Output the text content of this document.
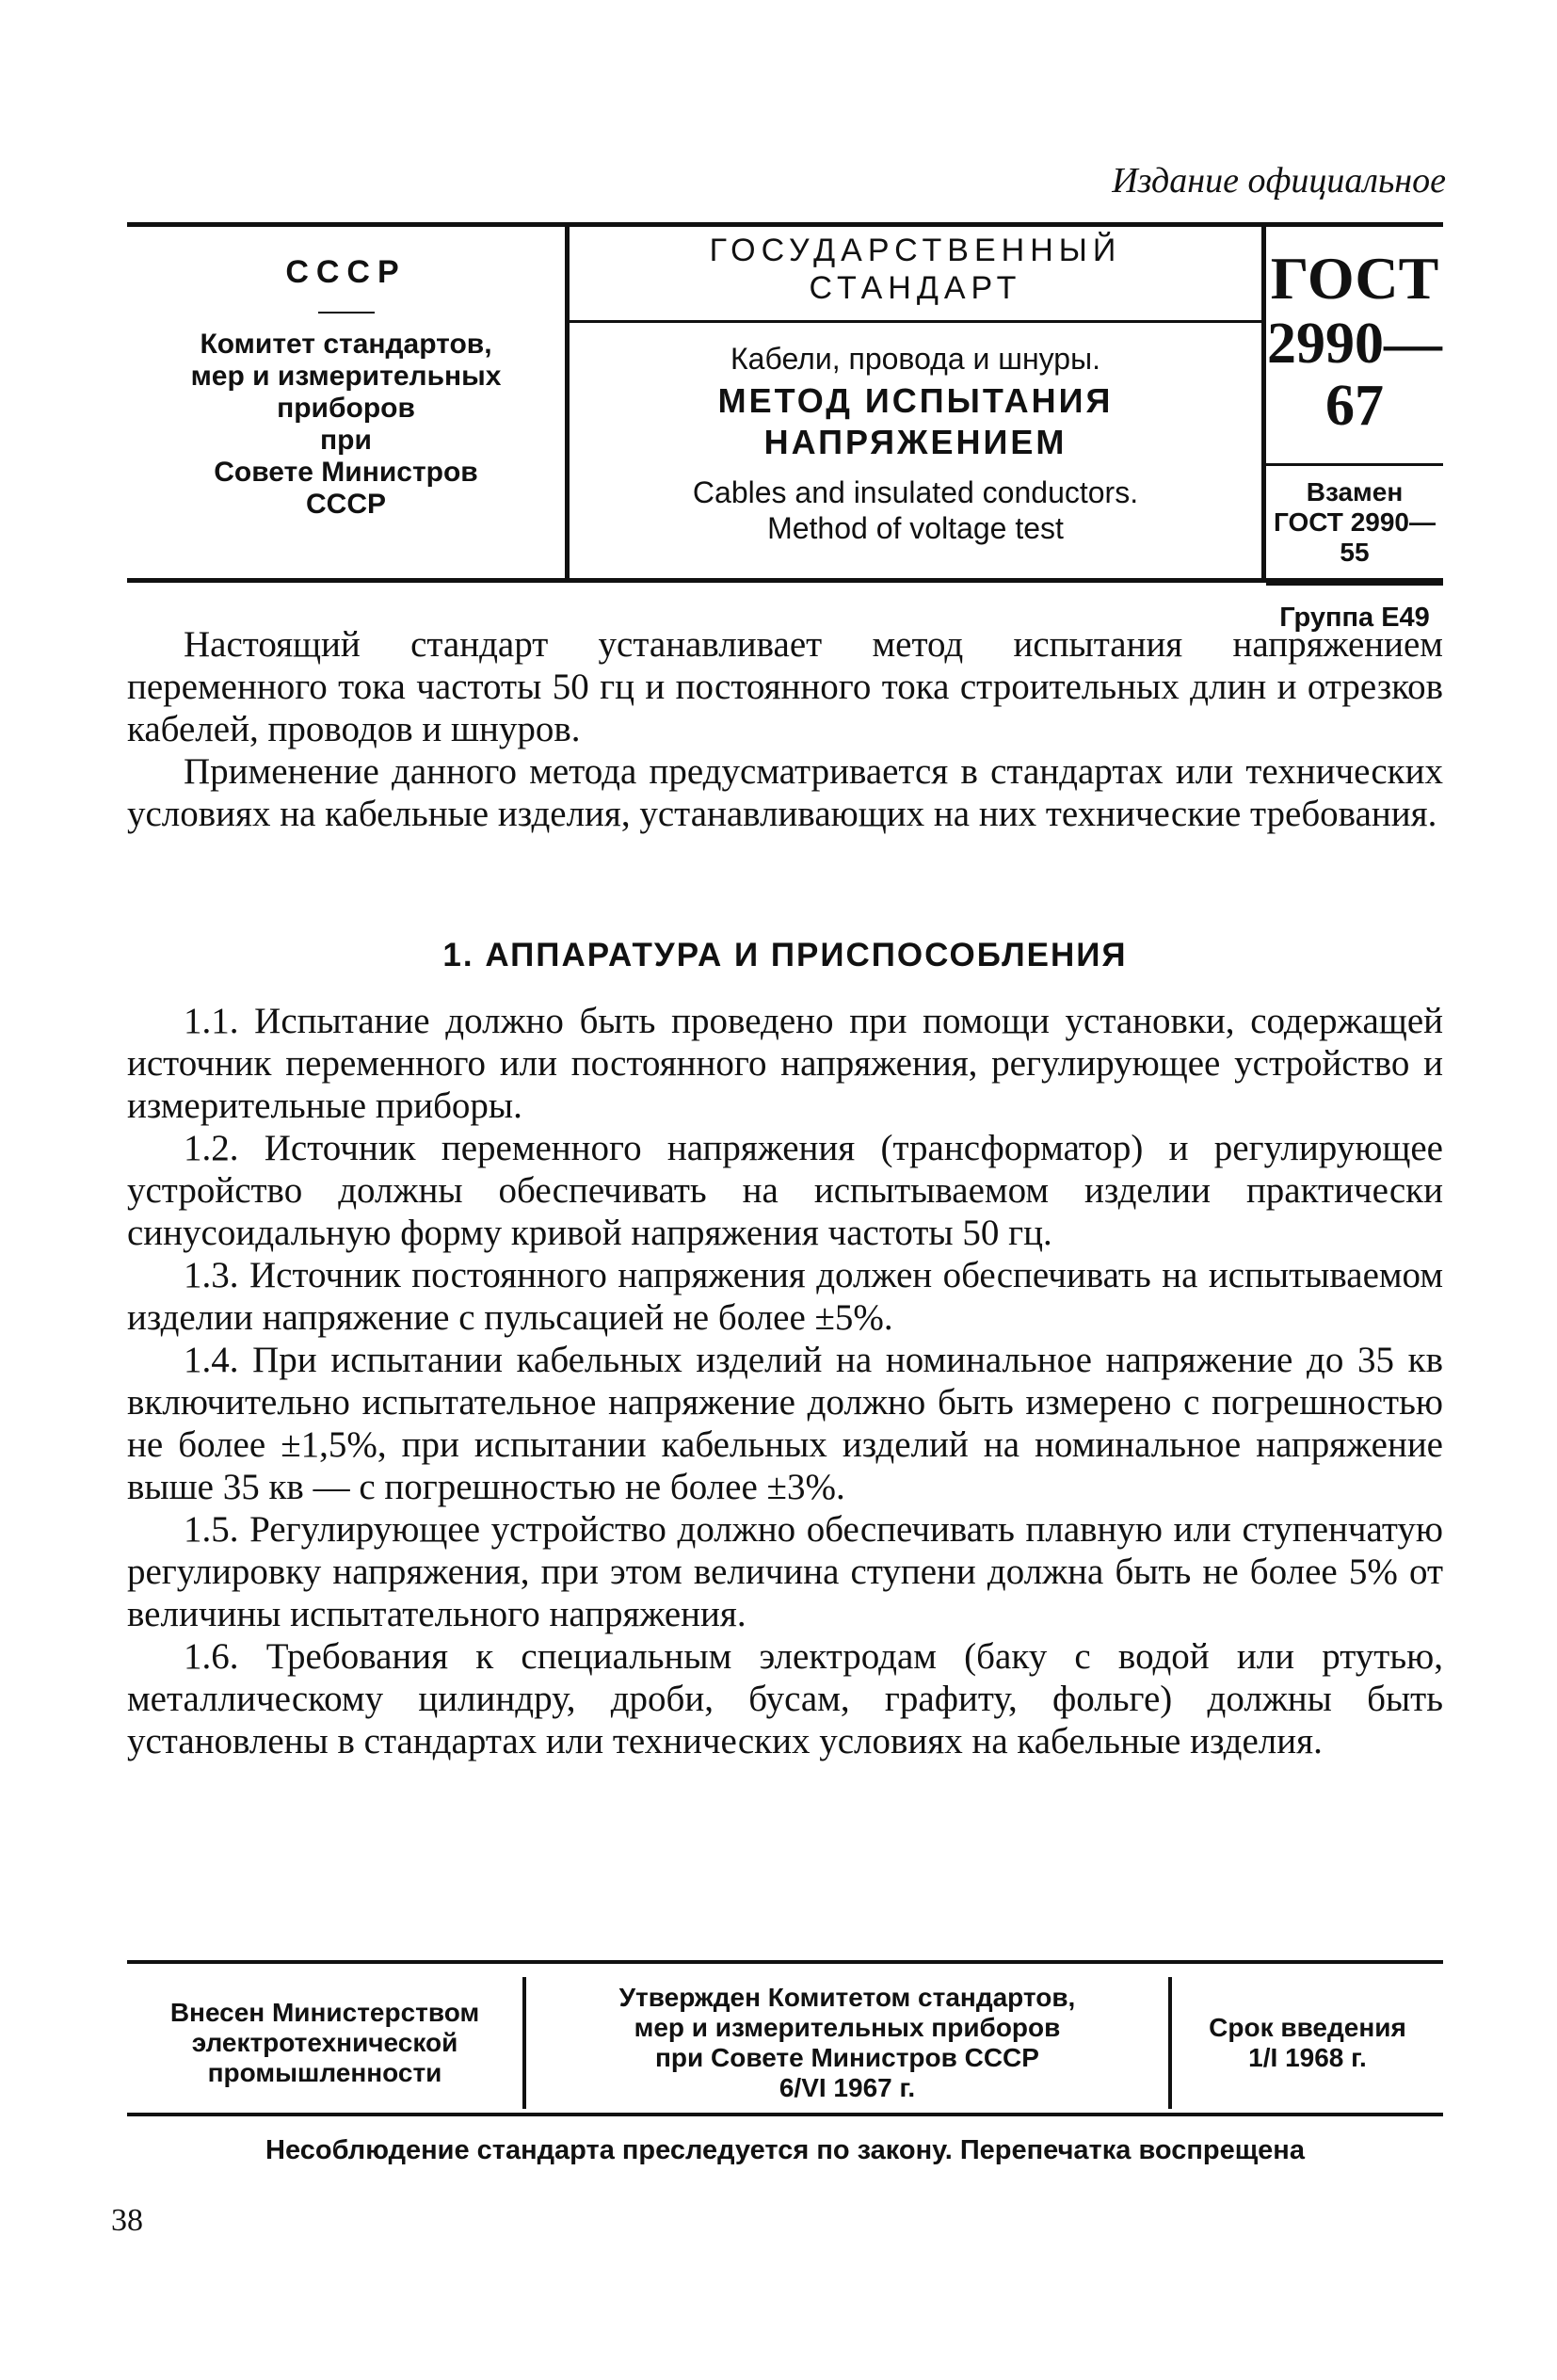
Издание официальное
СССР
Комитет стандартов,
мер и измерительных
приборов
при
Совете Министров
СССР
ГОСУДАРСТВЕННЫЙ
СТАНДАРТ
Кабели, провода и шнуры.
МЕТОД ИСПЫТАНИЯ
НАПРЯЖЕНИЕМ
Cables and insulated conductors.
Method of voltage test
ГОСТ
2990—67
Взамен
ГОСТ 2990—55
Группа Е49

Настоящий стандарт устанавливает метод испытания напряжением переменного тока частоты 50 гц и постоянного тока строительных длин и отрезков кабелей, проводов и шнуров.

Применение данного метода предусматривается в стандартах или технических условиях на кабельные изделия, устанавливающих на них технические требования.

1. АППАРАТУРА И ПРИСПОСОБЛЕНИЯ

1.1. Испытание должно быть проведено при помощи установки, содержащей источник переменного или постоянного напряжения, регулирующее устройство и измерительные приборы.

1.2. Источник переменного напряжения (трансформатор) и регулирующее устройство должны обеспечивать на испытываемом изделии практически синусоидальную форму кривой напряжения частоты 50 гц.

1.3. Источник постоянного напряжения должен обеспечивать на испытываемом изделии напряжение с пульсацией не более ±5%.

1.4. При испытании кабельных изделий на номинальное напряжение до 35 кв включительно испытательное напряжение должно быть измерено с погрешностью не более ±1,5%, при испытании кабельных изделий на номинальное напряжение выше 35 кв — с погрешностью не более ±3%.

1.5. Регулирующее устройство должно обеспечивать плавную или ступенчатую регулировку напряжения, при этом величина ступени должна быть не более 5% от величины испытательного напряжения.

1.6. Требования к специальным электродам (баку с водой или ртутью, металлическому цилиндру, дроби, бусам, графиту, фольге) должны быть установлены в стандартах или технических условиях на кабельные изделия.

Внесен Министерством
электротехнической
промышленности
Утвержден Комитетом стандартов,
мер и измерительных приборов
при Совете Министров СССР
6/VI 1967 г.
Срок введения
1/I 1968 г.
Несоблюдение стандарта преследуется по закону. Перепечатка воспрещена
38
